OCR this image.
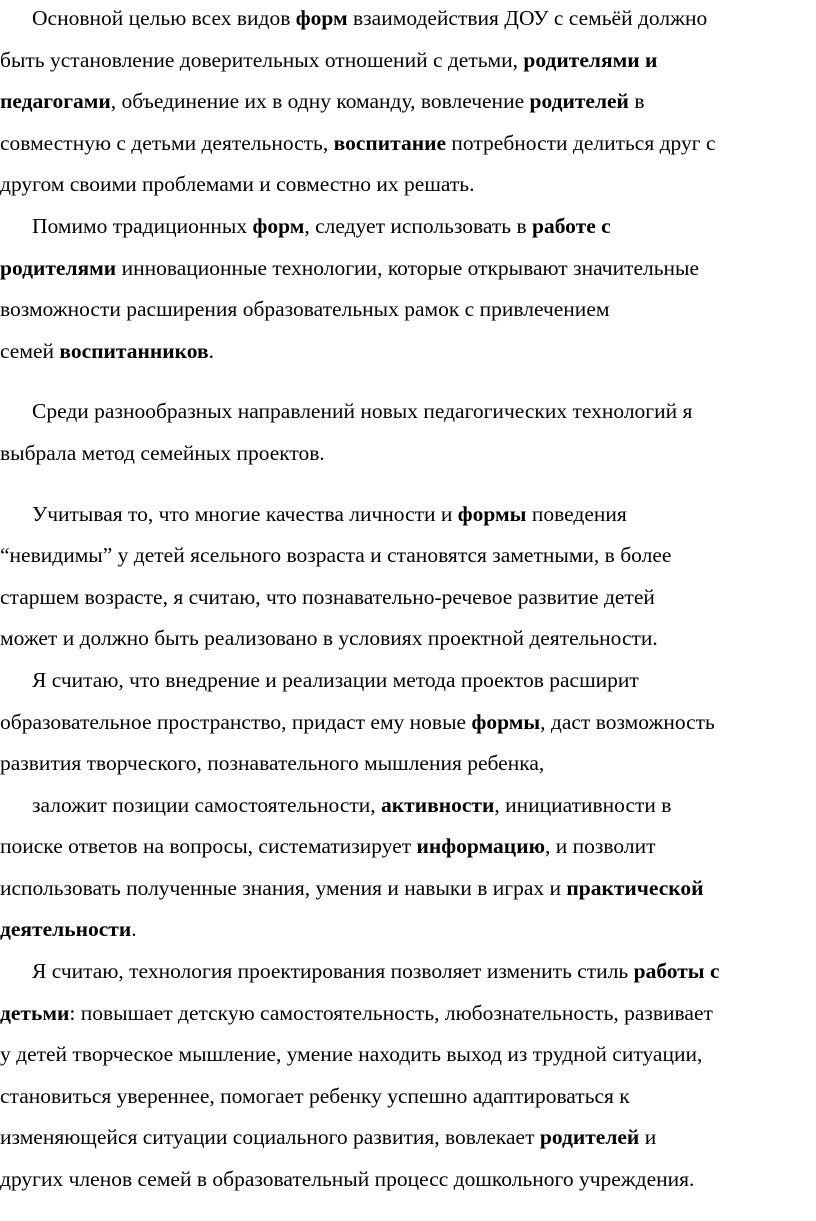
Основной целью всех видов форм взаимодействия ДОУ с семьёй должно
быть установление доверительных отношений с детьми, родителями и
педагогами, объединение их в одну команду, вовлечение родителей в
совместную с детьми деятельность, воспитание потребности делиться друг с
другом своими проблемами и совместно их решать.
Помимо традиционных форм, следует использовать в работе с
родителями инновационные технологии, которые открывают значительные
возможности расширения образовательных рамок с привлечением
семей воспитанников.
Среди разнообразных направлений новых педагогических технологий я
выбрала метод семейных проектов.
Учитывая то, что многие качества личности и формы поведения
“невидимы” у детей ясельного возраста и становятся заметными, в более
старшем возрасте, я считаю, что познавательно-речевое развитие детей
может и должно быть реализовано в условиях проектной деятельности.
Я считаю, что внедрение и реализации метода проектов расширит
образовательное пространство, придаст ему новые формы, даст возможность
развития творческого, познавательного мышления ребенка,
заложит позиции самостоятельности, активности, инициативности в
поиске ответов на вопросы, систематизирует информацию, и позволит
использовать полученные знания, умения и навыки в играх и практической
деятельности.
Я считаю, технология проектирования позволяет изменить стиль работы с
детьми: повышает детскую самостоятельность, любознательность, развивает
у детей творческое мышление, умение находить выход из трудной ситуации,
становиться увереннее, помогает ребенку успешно адаптироваться к
изменяющейся ситуации социального развития, вовлекает родителей и
других членов семей в образовательный процесс дошкольного учреждения.
